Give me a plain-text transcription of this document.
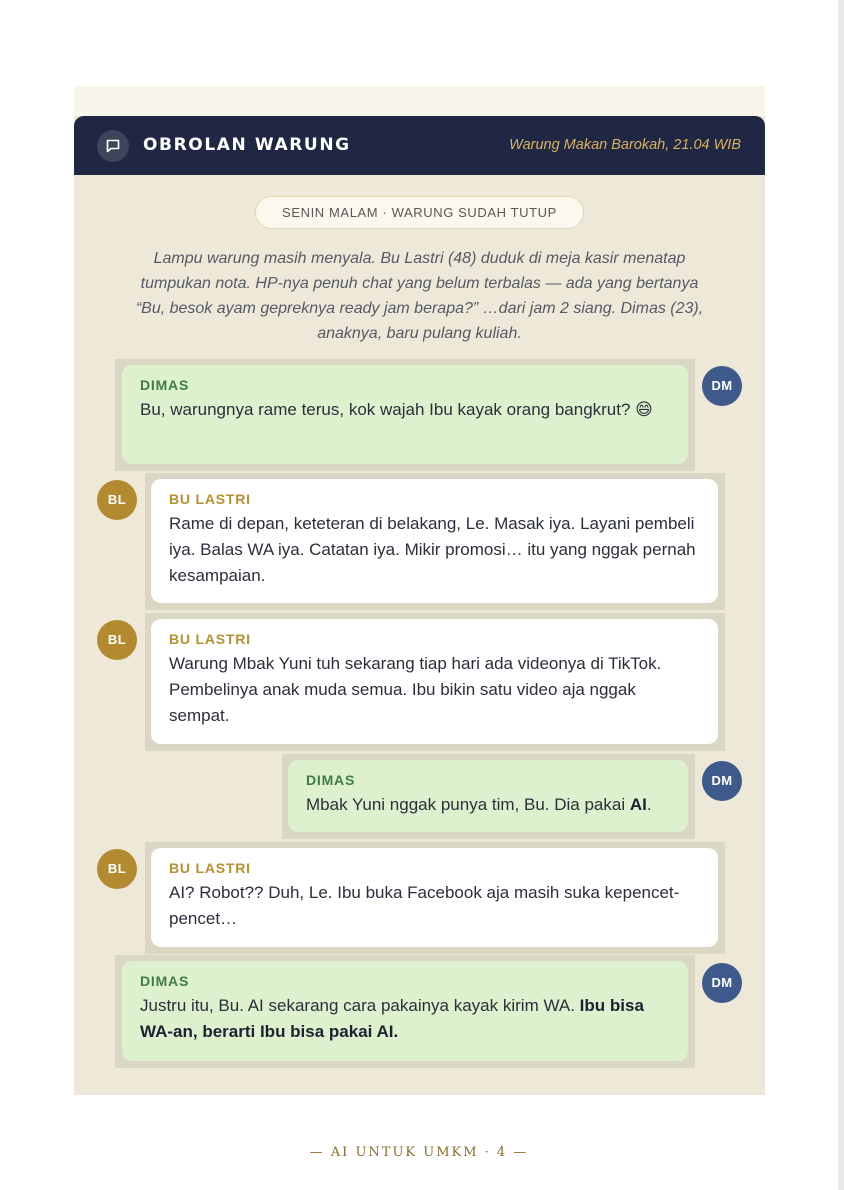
OBROLAN WARUNG	Warung Makan Barokah, 21.04 WIB
SENIN MALAM · WARUNG SUDAH TUTUP
Lampu warung masih menyala. Bu Lastri (48) duduk di meja kasir menatap tumpukan nota. HP-nya penuh chat yang belum terbalas — ada yang bertanya “Bu, besok ayam gepreknya ready jam berapa?” …dari jam 2 siang. Dimas (23), anaknya, baru pulang kuliah.
DIMAS
Bu, warungnya rame terus, kok wajah Ibu kayak orang bangkrut? 😄
DM
BL	BU LASTRI
Rame di depan, keteteran di belakang, Le. Masak iya. Layani pembeli iya. Balas WA iya. Catatan iya. Mikir promosi… itu yang nggak pernah kesampaian.
BL	BU LASTRI
Warung Mbak Yuni tuh sekarang tiap hari ada videonya di TikTok. Pembelinya anak muda semua. Ibu bikin satu video aja nggak sempat.
DIMAS
Mbak Yuni nggak punya tim, Bu. Dia pakai AI.
DM
BL	BU LASTRI
AI? Robot?? Duh, Le. Ibu buka Facebook aja masih suka kepencet-pencet…
DIMAS
Justru itu, Bu. AI sekarang cara pakainya kayak kirim WA. Ibu bisa WA-an, berarti Ibu bisa pakai AI.
DM
— AI UNTUK UMKM · 4 —
